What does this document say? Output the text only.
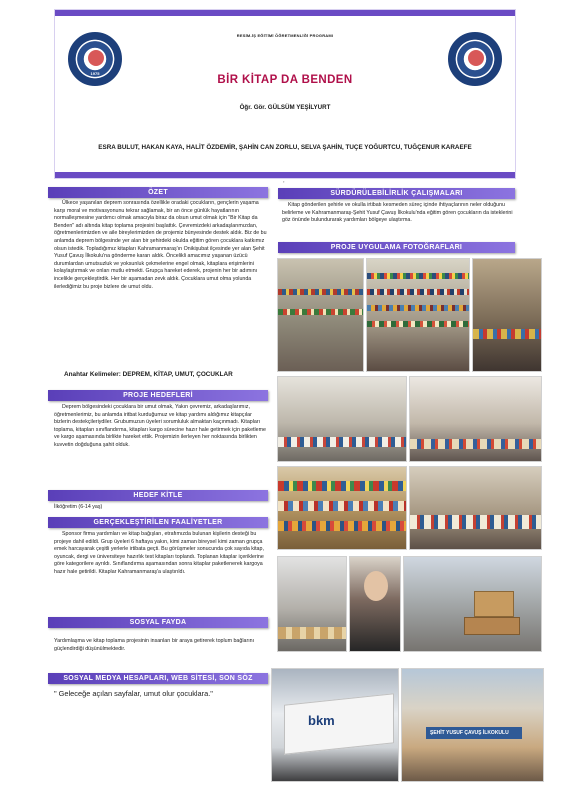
1975
RESİM-İŞ EĞİTİMİ ÖĞRETMENLİĞİ PROGRAMI
BİR KİTAP DA BENDEN
Öğr. Gör. GÜLSÜM YEŞİLYURT
ESRA BULUT, HAKAN KAYA, HALİT ÖZDEMİR, ŞAHİN CAN ZORLU, SELVA ŞAHİN, TUÇE YOĞURTCU, TUĞÇENUR KARAEFE
,
ÖZET
Ülkece yaşanılan deprem sonrasında özellikle oradaki çocukların, gençlerin yaşama karşı moral ve motivasyonunu tekrar sağlamak, bir an önce günlük hayatlarının normalleşmesine yardımcı olmak amacıyla biraz da olsun umut olmak için "Bir Kitap da Benden" adı altında kitap toplama projesini başlattık. Çevremizdeki arkadaşlarımızdan, öğretmenlerimizden ve aile bireylerimizden de projemiz bünyesinde destek aldık. Biz de bu anlamda deprem bölgesinde yer alan bir şehirdeki okulda eğitim gören çocuklara katkımız olsun istedik. Topladığımız kitapları Kahramanmaraş'ın Onikişubat ilçesinde yer alan Şehit Yusuf Çavuş İlkokulu'na gönderme kararı aldık. Öncelikli amacımız yaşanan üzücü durumlardan umutsuzluk ve yoksunluk çekmelerine engel olmak, kitaplara erişimlerini kolaylaştırmak ve onları mutlu etmekti. Grupça hareket ederek, projenin her bir adımını incelikle gerçekleştirdik. Her bir aşamadan zevk aldık. Çocuklara umut olma yolunda ilerlediğimiz bu proje bizlere de umut oldu.
Anahtar Kelimeler: DEPREM, KİTAP, UMUT, ÇOCUKLAR
PROJE HEDEFLERİ
Deprem bölgesindeki çocuklara bir umut olmak, Yakın çevremiz, arkadaşlarımız, öğretmenlerimiz, bu anlamda iritbat kurduğumuz ve kitap yardımı aldığımız kitapçılar bizlerin destekçileriydiler. Grubumuzun üyeleri sorumluluk almaktan kaçınmadı. Kitapları toplama, kitapları sınıflandırma, kitapları kargo sürecine hazır hale getirmek için paketleme ve kargo aşamasında birlikte hareket ettik. Projemizin ilerleyen her noktasında birlikten kuvvetin doğduğuna şahit olduk.
HEDEF KİTLE
İlköğretim (6-14 yaş)
GERÇEKLEŞTİRİLEN FAALİYETLER
Sponsor firma yardımları ve kitap bağışları, etrafımızda bulunan kişilerin desteği bu projeye dahil edildi. Grup üyeleri 6 haftaya yakın, kimi zaman bireysel kimi zaman grupça emek harcayarak çeşitli yerlerle irtibata geçti. Bu görüşmeler sonucunda çok sayıda kitap, oyuncak, dergi ve üniversiteye hazırlık test kitapları toplandı. Toplanan kitaplar içeriklerine göre kategorilere ayrıldı. Sınıflandırma aşamasından sonra kitaplar paketlenerek kargoya hazır hale getirildi. Kitaplar Kahramanmaraş'a ulaştırıldı.
SOSYAL FAYDA
Yardımlaşma ve kitap toplama projesinin insanları bir araya getirerek toplum bağlarını güçlendirdiği düşünülmektedir.
SOSYAL MEDYA HESAPLARI, WEB SİTESİ, SON SÖZ
" Geleceğe açılan sayfalar, umut olur çocuklara."
SÜRDÜRÜLEBİLİRLİK ÇALIŞMALARI
Kitap gönderilen şehirle ve okulla irtibatı kesmeden süreç içinde ihtiyaçlarının neler olduğunu belirleme ve Kahramanmaraş-Şehit Yusuf Çavuş İlkokulu'nda eğitim gören çocukların da isteklerini göz önünde bulundurarak yardımları bölgeye ulaştırma.
PROJE UYGULAMA FOTOĞRAFLARI
bkm
ŞEHİT YUSUF ÇAVUŞ İLKOKULU
